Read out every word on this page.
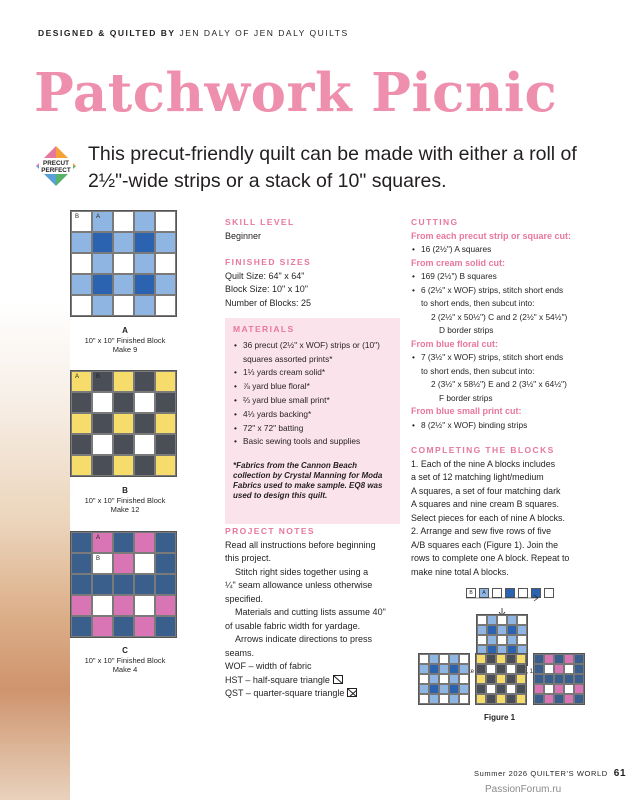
DESIGNED & QUILTED BY JEN DALY OF JEN DALY QUILTS
Patchwork Picnic
PRECUT
PERFECT
This precut-friendly quilt can be made with either a roll of 2½"-wide strips or a stack of 10" squares.
B	A
A
10" x 10" Finished Block
Make 9
A	B
B
10" x 10" Finished Block
Make 12
A
B
C
10" x 10" Finished Block
Make 4
SKILL LEVEL
Beginner
FINISHED SIZES
Quilt Size: 64" x 64"
Block Size: 10" x 10"
Number of Blocks: 25
MATERIALS
• 36 precut (2½" x WOF) strips or (10")
squares assorted prints*
• 1⅓ yards cream solid*
• ⅞ yard blue floral*
• ⅔ yard blue small print*
• 4⅓ yards backing*
• 72" x 72" batting
• Basic sewing tools and supplies
*Fabrics from the Cannon Beach collection by Crystal Manning for Moda Fabrics used to make sample. EQ8 was used to design this quilt.
PROJECT NOTES
Read all instructions before beginning
this project.
Stitch right sides together using a
¼" seam allowance unless otherwise
specified.
Materials and cutting lists assume 40"
of usable fabric width for yardage.
Arrows indicate directions to press
seams.
WOF – width of fabric
HST – half-square triangle
QST – quarter-square triangle
CUTTING
From each precut strip or square cut:
• 16 (2½") A squares
From cream solid cut:
• 169 (2½") B squares
• 6 (2½" x WOF) strips, stitch short ends
to short ends, then subcut into:
2 (2½" x 50½") C and 2 (2½" x 54½")
D border strips
From blue floral cut:
• 7 (3½" x WOF) strips, stitch short ends
to short ends, then subcut into:
2 (3½" x 58½") E and 2 (3½" x 64½")
F border strips
From blue small print cut:
• 8 (2½" x WOF) binding strips
COMPLETING THE BLOCKS
1. Each of the nine A blocks includes
a set of 12 matching light/medium
A squares, a set of four matching dark
A squares and nine cream B squares.
Select pieces for each of nine A blocks.
2. Arrange and sew five rows of five
A/B squares each (Figure 1). Join the
rows to complete one A block. Repeat to
make nine total A blocks.
B	A
12
Figure 1
Summer 2026 QUILTER'S WORLD 61
PassionForum.ru
